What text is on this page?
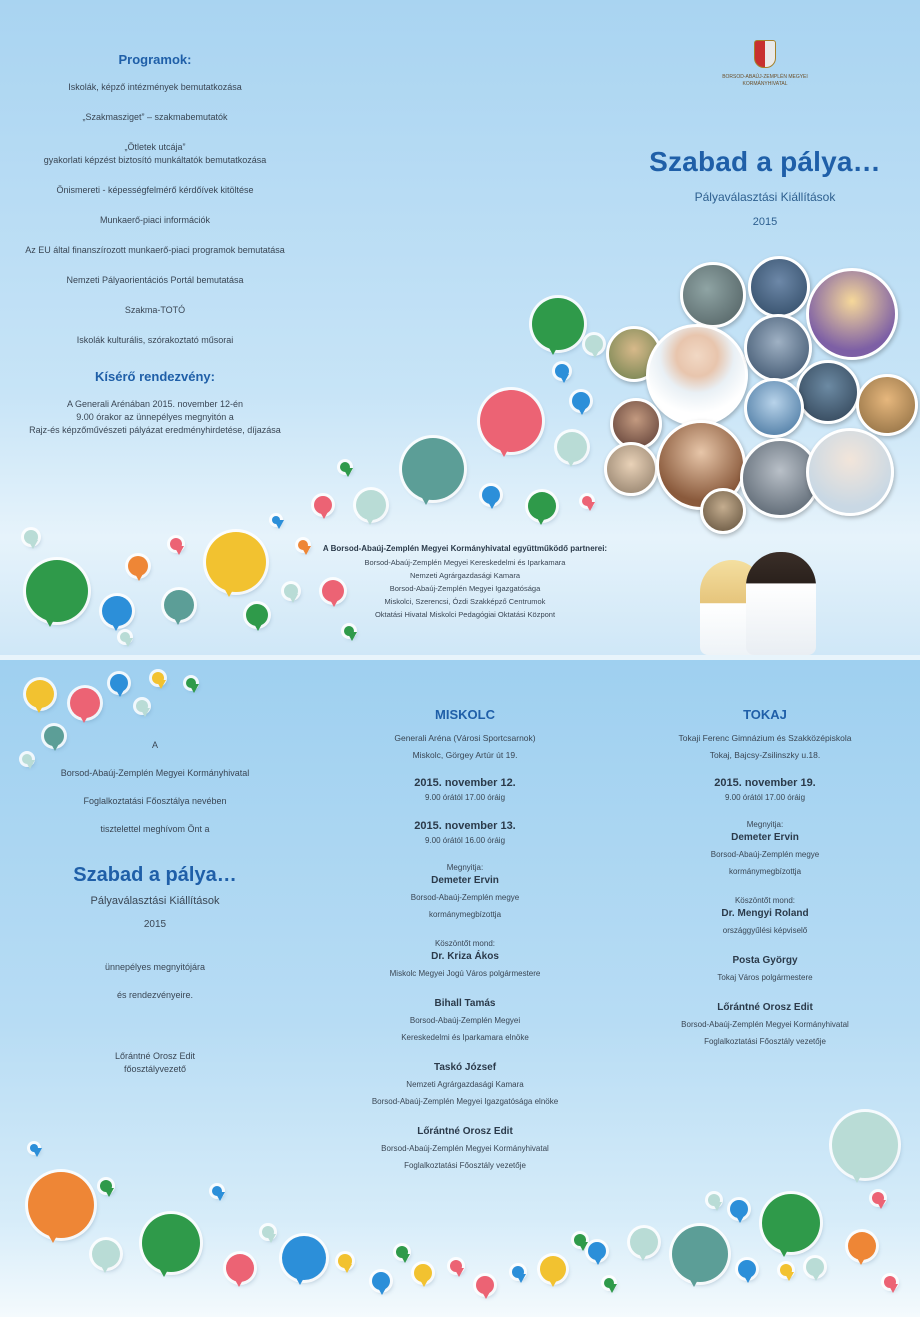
Programok:
Iskolák, képző intézmények bemutatkozása
„Szakmasziget” – szakmabemutatók
„Ötletek utcája”
gyakorlati képzést biztosító munkáltatók bemutatkozása
Önismereti - képességfelmérő kérdőívek kitöltése
Munkaerő-piaci információk
Az EU által finanszírozott munkaerő-piaci programok bemutatása
Nemzeti Pályaorientációs Portál bemutatása
Szakma-TOTÓ
Iskolák kulturális, szórakoztató műsorai
Kísérő rendezvény:
A Generali Arénában 2015. november 12-én
9.00 órakor az ünnepélyes megnyitón a
Rajz-és képzőművészeti pályázat eredményhirdetése, díjazása
A Borsod-Abaúj-Zemplén Megyei Kormányhivatal együttműködő partnerei:
Borsod-Abaúj-Zemplén Megyei Kereskedelmi és Iparkamara
Nemzeti Agrárgazdasági Kamara
Borsod-Abaúj-Zemplén Megyei Igazgatósága
Miskolci, Szerencsi, Ózdi Szakképző Centrumok
Oktatási Hivatal Miskolci Pedagógiai Oktatási Központ
BORSOD-ABAÚJ-ZEMPLÉN MEGYEI
KORMÁNYHIVATAL
Szabad a pálya…
Pályaválasztási Kiállítások
2015
A
Borsod-Abaúj-Zemplén Megyei Kormányhivatal
Foglalkoztatási Főosztálya nevében
tisztelettel meghívom Önt a
Szabad a pálya…
Pályaválasztási Kiállítások
2015
ünnepélyes megnyitójára
és rendezvényeire.
Lőrántné Orosz Edit
főosztályvezető
MISKOLC
Generali Aréna (Városi Sportcsarnok)
Miskolc, Görgey Artúr út 19.
2015. november 12.
9.00 órától 17.00 óráig
2015. november 13.
9.00 órától 16.00 óráig
Megnyitja:
Demeter Ervin
Borsod-Abaúj-Zemplén megye
kormánymegbízottja
Köszöntőt mond:
Dr. Kriza Ákos
Miskolc Megyei Jogú Város polgármestere
Bihall Tamás
Borsod-Abaúj-Zemplén Megyei
Kereskedelmi és Iparkamara elnöke
Taskó József
Nemzeti Agrárgazdasági Kamara
Borsod-Abaúj-Zemplén Megyei Igazgatósága elnöke
Lőrántné Orosz Edit
Borsod-Abaúj-Zemplén Megyei Kormányhivatal
Foglalkoztatási Főosztály vezetője
TOKAJ
Tokaji Ferenc Gimnázium és Szakközépiskola
Tokaj, Bajcsy-Zsilinszky u.18.
2015. november 19.
9.00 órától 17.00 óráig
Megnyitja:
Demeter Ervin
Borsod-Abaúj-Zemplén megye
kormánymegbízottja
Köszöntőt mond:
Dr. Mengyi Roland
országgyűlési képviselő
Posta György
Tokaj Város polgármestere
Lőrántné Orosz Edit
Borsod-Abaúj-Zemplén Megyei Kormányhivatal
Foglalkoztatási Főosztály vezetője
